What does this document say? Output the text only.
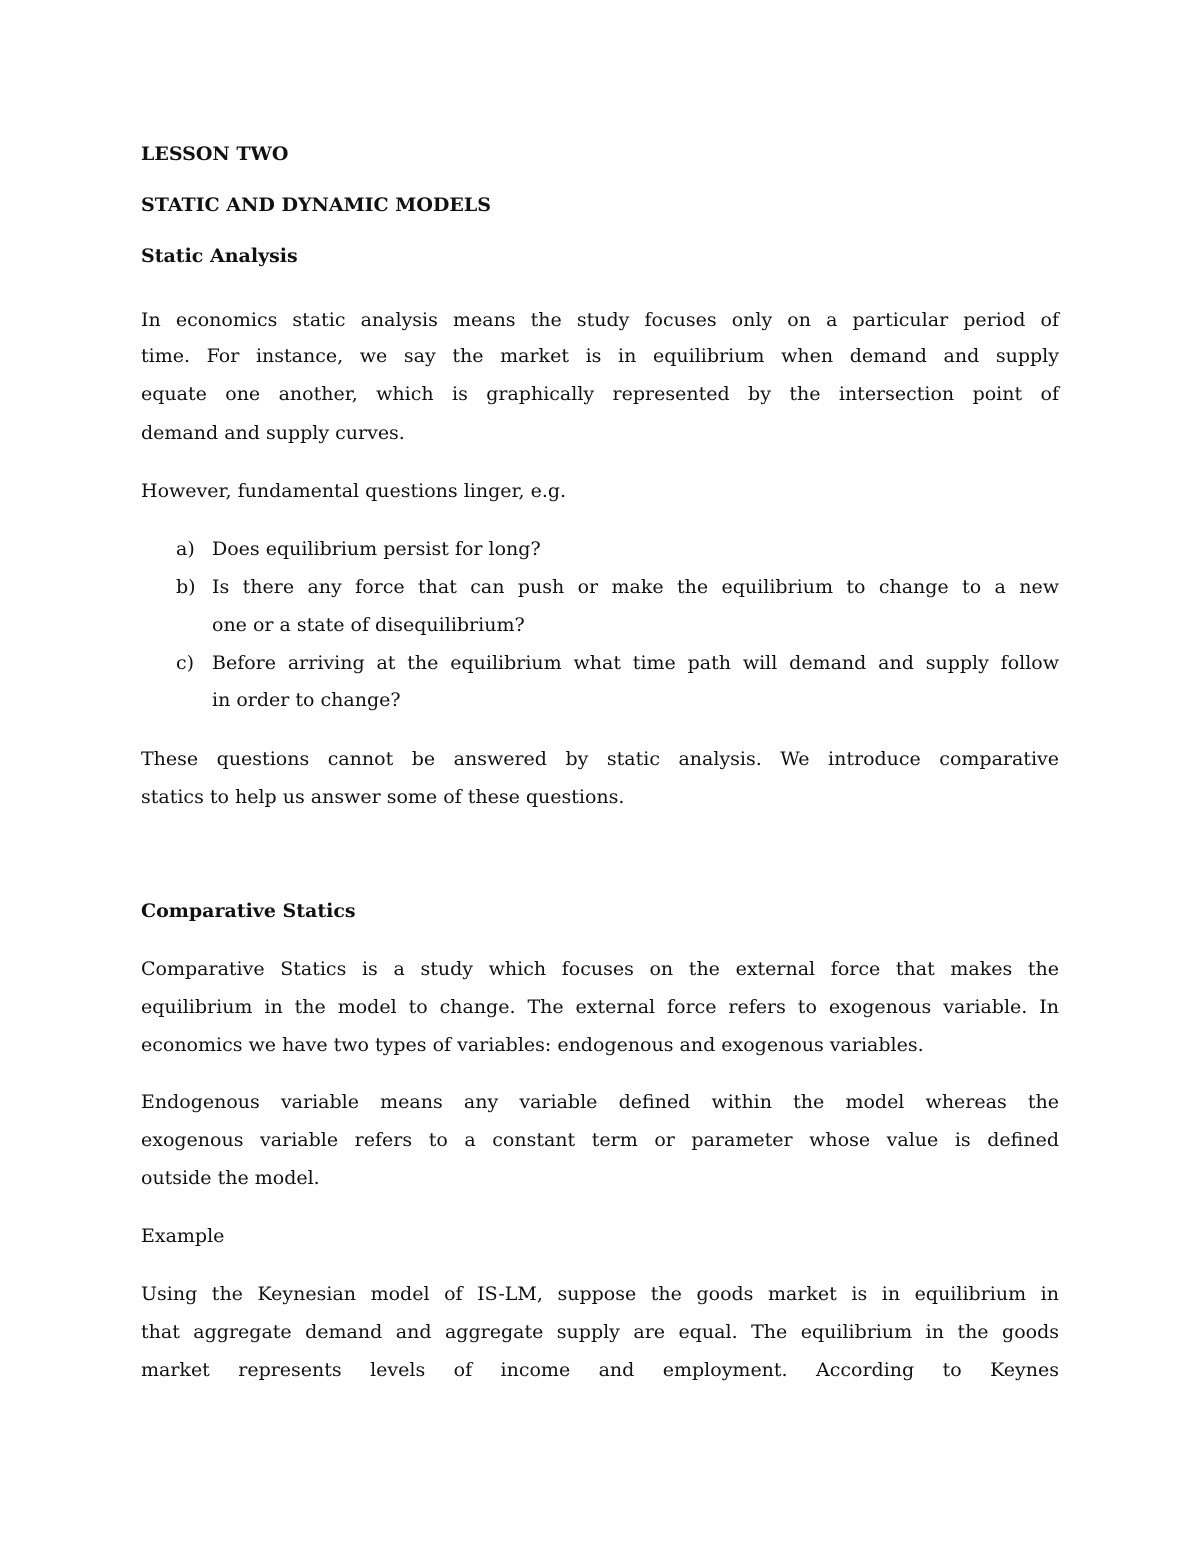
LESSON TWO
STATIC AND DYNAMIC MODELS
Static Analysis
In economics static analysis means the study focuses only on a particular period of
time. For instance, we say the market is in equilibrium when demand and supply
equate one another, which is graphically represented by the intersection point of
demand and supply curves.
However, fundamental questions linger, e.g.
a) Does equilibrium persist for long?
b) Is there any force that can push or make the equilibrium to change to a new
one or a state of disequilibrium?
c) Before arriving at the equilibrium what time path will demand and supply follow
in order to change?
These questions cannot be answered by static analysis. We introduce comparative
statics to help us answer some of these questions.
Comparative Statics
Comparative Statics is a study which focuses on the external force that makes the
equilibrium in the model to change. The external force refers to exogenous variable. In
economics we have two types of variables: endogenous and exogenous variables.
Endogenous variable means any variable defined within the model whereas the
exogenous variable refers to a constant term or parameter whose value is defined
outside the model.
Example
Using the Keynesian model of IS-LM, suppose the goods market is in equilibrium in
that aggregate demand and aggregate supply are equal. The equilibrium in the goods
market represents levels of income and employment. According to Keynes
